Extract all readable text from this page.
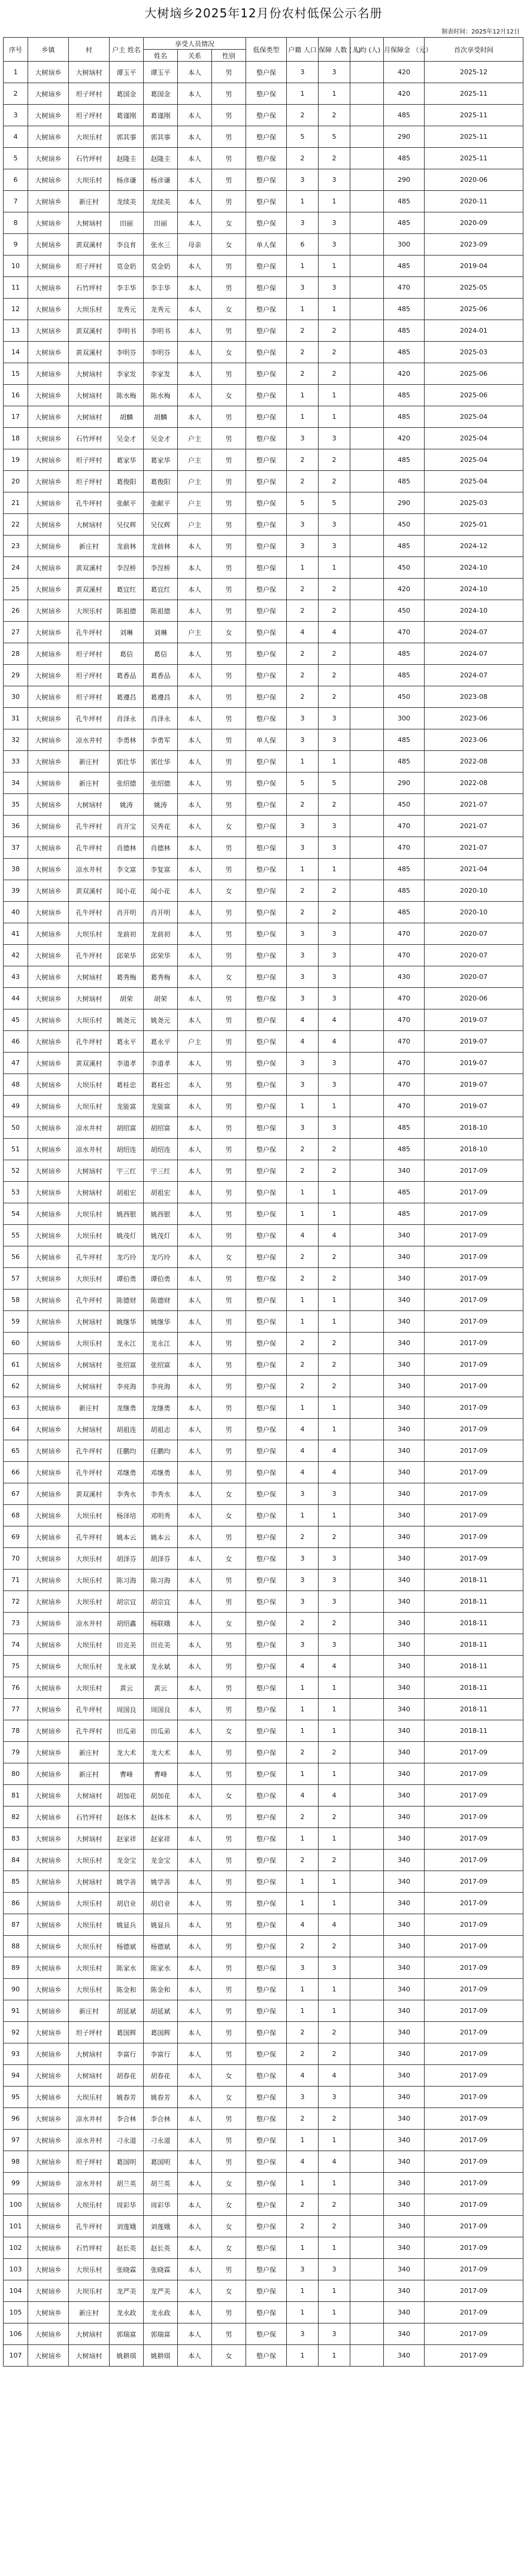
大树垴乡2025年12月份农村低保公示名册
制表时间：2025年12月12日
序号	乡镇	村	户主 姓名	享受人员情况			低保类型	户籍 人口	保障 人数 (人)	人均 (人)	月保障金 （元）	首次享受时间
				姓名	关系	性别						
1	大树垴乡	大树垴村	谭玉平	谭玉平	本人	男	整户保	3	3		420	2025-12
2	大树垴乡	坦子坪村	葛国金	葛国金	本人	男	整户保	1	1		420	2025-11
3	大树垴乡	坦子坪村	葛谨刚	葛谨刚	本人	男	整户保	2	2		485	2025-11
4	大树垴乡	大坝乐村	郭其事	郭其事	本人	男	整户保	5	5		290	2025-11
5	大树垴乡	石竹坪村	赵隆圭	赵隆圭	本人	男	整户保	2	2		485	2025-11
6	大树垴乡	大坝乐村	杨彦谦	杨彦谦	本人	男	整户保	3	3		290	2020-06
7	大树垴乡	新庄村	龙续美	龙续美	本人	男	整户保	1	1		485	2020-11
8	大树垴乡	大树垴村	田丽	田丽	本人	女	整户保	3	3		485	2020-09
9	大树垴乡	黄双溪村	李良育	张水三	母亲	女	单人保	6	3		300	2023-09
10	大树垴乡	坦子坪村	莫金奶	莫金奶	本人	男	整户保	1	1		485	2019-04
11	大树垴乡	石竹坪村	李丰华	李丰华	本人	男	整户保	3	3		470	2025-05
12	大树垴乡	大坝乐村	龙秀元	龙秀元	本人	女	整户保	1	1		485	2025-06
13	大树垴乡	黄双溪村	李明书	李明书	本人	男	整户保	2	2		485	2024-01
14	大树垴乡	黄双溪村	李明芬	李明芬	本人	女	整户保	2	2		485	2025-03
15	大树垴乡	大树垴村	李家发	李家发	本人	男	整户保	2	2		420	2025-06
16	大树垴乡	大树垴村	陈水梅	陈水梅	本人	女	整户保	1	1		485	2025-06
17	大树垴乡	大树垴村	胡麟	胡麟	本人	男	整户保	1	1		485	2025-04
18	大树垴乡	石竹坪村	吴金才	吴金才	户主	男	整户保	3	3		420	2025-04
19	大树垴乡	坦子坪村	葛家华	葛家华	户主	男	整户保	2	2		485	2025-04
20	大树垴乡	坦子坪村	葛俊阳	葛俊阳	户主	男	整户保	2	2		485	2025-04
21	大树垴乡	孔牛坪村	张献平	张献平	户主	男	整户保	5	5		290	2025-03
22	大树垴乡	大树垴村	吴仪辉	吴仪辉	户主	男	整户保	3	3		450	2025-01
23	大树垴乡	新庄村	龙前林	龙前林	本人	男	整户保	3	3		485	2024-12
24	大树垴乡	黄双溪村	李涅桥	李涅桥	本人	男	整户保	1	1		450	2024-10
25	大树垴乡	黄双溪村	葛宜红	葛宜红	本人	男	整户保	2	2		420	2024-10
26	大树垴乡	大坝乐村	陈祖德	陈祖德	本人	男	整户保	2	2		450	2024-10
27	大树垴乡	孔牛坪村	刘琳	刘琳	户主	女	整户保	4	4		470	2024-07
28	大树垴乡	坦子坪村	葛信	葛信	本人	男	整户保	2	2		485	2024-07
29	大树垴乡	坦子坪村	葛香品	葛香品	本人	男	整户保	2	2		485	2024-07
30	大树垴乡	坦子坪村	葛遵昌	葛遵昌	本人	男	整户保	2	2		450	2023-08
31	大树垴乡	孔牛坪村	肖泽永	肖泽永	本人	男	整户保	3	3		300	2023-06
32	大树垴乡	凉水井村	李勇林	李勇军	本人	男	单人保	3	3		485	2023-06
33	大树垴乡	新庄村	郭仕华	郭仕华	本人	男	整户保	1	1		485	2022-08
34	大树垴乡	新庄村	张绍德	张绍德	本人	男	整户保	5	5		290	2022-08
35	大树垴乡	大树垴村	姚涛	姚涛	本人	男	整户保	2	2		450	2021-07
36	大树垴乡	孔牛坪村	肖开宝	吴秀花	本人	女	整户保	3	3		470	2021-07
37	大树垴乡	孔牛坪村	肖德林	肖德林	本人	男	整户保	3	3		470	2021-07
38	大树垴乡	凉水井村	李文富	李复富	本人	男	整户保	1	1		485	2021-04
39	大树垴乡	黄双溪村	闻小花	闻小花	本人	女	整户保	2	2		485	2020-10
40	大树垴乡	孔牛坪村	肖开明	肖开明	本人	男	整户保	2	2		485	2020-10
41	大树垴乡	大坝乐村	龙前初	龙前初	本人	男	整户保	3	3		470	2020-07
42	大树垴乡	孔牛坪村	邱荣华	邱荣华	本人	男	整户保	3	3		470	2020-07
43	大树垴乡	大树垴村	葛秀梅	葛秀梅	本人	女	整户保	3	3		430	2020-07
44	大树垴乡	大树垴村	胡荣	胡荣	本人	男	整户保	3	3		470	2020-06
45	大树垴乡	大坝乐村	姚尧元	姚尧元	本人	男	整户保	4	4		470	2019-07
46	大树垴乡	孔牛坪村	葛永平	葛永平	户主	男	整户保	4	4		470	2019-07
47	大树垴乡	黄双溪村	李道孝	李道孝	本人	男	整户保	3	3		470	2019-07
48	大树垴乡	大坝乐村	葛桂忠	葛桂忠	本人	男	整户保	3	3		470	2019-07
49	大树垴乡	大坝乐村	龙能富	龙能富	本人	男	整户保	1	1		470	2019-07
50	大树垴乡	凉水井村	胡绍富	胡绍富	本人	男	整户保	3	3		485	2018-10
51	大树垴乡	凉水井村	胡绍连	胡绍连	本人	男	整户保	2	2		485	2018-10
52	大树垴乡	大树垴村	宇三红	宇三红	本人	男	整户保	2	2		340	2017-09
53	大树垴乡	大树垴村	胡祖宏	胡祖宏	本人	男	整户保	1	1		485	2017-09
54	大树垴乡	大坝乐村	姚西银	姚西银	本人	男	整户保	1	1		485	2017-09
55	大树垴乡	大坝乐村	姚茂灯	姚茂灯	本人	男	整户保	4	4		340	2017-09
56	大树垴乡	孔牛坪村	龙巧玲	龙巧玲	本人	女	整户保	2	2		340	2017-09
57	大树垴乡	大坝乐村	谭伯勇	谭伯勇	本人	男	整户保	2	2		340	2017-09
58	大树垴乡	孔牛坪村	陈德财	陈德财	本人	男	整户保	1	1		340	2017-09
59	大树垴乡	大树垴村	姚继华	姚继华	本人	男	整户保	1	1		340	2017-09
60	大树垴乡	大坝乐村	龙永江	龙永江	本人	男	整户保	2	2		340	2017-09
61	大树垴乡	大树垴村	张绍富	张绍富	本人	男	整户保	2	2		340	2017-09
62	大树垴乡	大树垴村	李亮海	李亮海	本人	男	整户保	2	2		340	2017-09
63	大树垴乡	新庄村	龙继勇	龙继勇	本人	男	整户保	1	1		340	2017-09
64	大树垴乡	大树垴村	胡祖连	胡祖志	本人	男	整户保	4	1		340	2017-09
65	大树垴乡	孔牛坪村	任鹏均	任鹏均	本人	男	整户保	4	4		340	2017-09
66	大树垴乡	孔牛坪村	邓继勇	邓继勇	本人	男	整户保	4	4		340	2017-09
67	大树垴乡	黄双溪村	李秀水	李秀水	本人	女	整户保	3	3		340	2017-09
68	大树垴乡	大坝乐村	杨泽培	邓明秀	本人	女	整户保	1	1		340	2017-09
69	大树垴乡	孔牛坪村	姚本云	姚本云	本人	男	整户保	2	2		340	2017-09
70	大树垴乡	大坝乐村	胡泽芬	胡泽芬	本人	女	整户保	3	3		340	2017-09
71	大树垴乡	大坝乐村	陈习海	陈习海	本人	男	整户保	3	3		340	2018-11
72	大树垴乡	大坝乐村	胡宗宜	胡宗宜	本人	男	整户保	3	3		340	2018-11
73	大树垴乡	凉水井村	胡绍鑫	杨联娥	本人	女	整户保	2	2		340	2018-11
74	大树垴乡	大坝乐村	田克美	田克美	本人	男	整户保	3	3		340	2018-11
75	大树垴乡	大坝乐村	龙永斌	龙永斌	本人	男	整户保	4	4		340	2018-11
76	大树垴乡	大坝乐村	黄云	黄云	本人	男	整户保	1	1		340	2018-11
77	大树垴乡	孔牛坪村	周国良	周国良	本人	男	整户保	1	1		340	2018-11
78	大树垴乡	孔牛坪村	田瓜弟	田瓜弟	本人	女	整户保	1	1		340	2018-11
79	大树垴乡	新庄村	龙大术	龙大术	本人	男	整户保	2	2		340	2017-09
80	大树垴乡	新庄村	曹峰	曹峰	本人	男	整户保	1	1		340	2017-09
81	大树垴乡	大树垴村	胡加花	胡加花	本人	女	整户保	4	4		340	2017-09
82	大树垴乡	石竹坪村	赵体木	赵体木	本人	男	整户保	2	2		340	2017-09
83	大树垴乡	大树垴村	赵家祥	赵家祥	本人	男	整户保	1	1		340	2017-09
84	大树垴乡	大坝乐村	龙金宝	龙金宝	本人	男	整户保	2	2		340	2017-09
85	大树垴乡	大树垴村	姚学善	姚学善	本人	男	整户保	1	1		340	2017-09
86	大树垴乡	大坝乐村	胡启业	胡启业	本人	男	整户保	1	1		340	2017-09
87	大树垴乡	大坝乐村	姚显兵	姚显兵	本人	男	整户保	4	4		340	2017-09
88	大树垴乡	大坝乐村	杨德斌	杨德斌	本人	男	整户保	2	2		340	2017-09
89	大树垴乡	大坝乐村	陈家水	陈家水	本人	男	整户保	3	3		340	2017-09
90	大树垴乡	大坝乐村	陈金和	陈金和	本人	男	整户保	1	1		340	2017-09
91	大树垴乡	新庄村	胡延斌	胡延斌	本人	男	整户保	1	1		340	2017-09
92	大树垴乡	坦子坪村	葛国辉	葛国辉	本人	男	整户保	2	2		340	2017-09
93	大树垴乡	大树垴村	李富行	李富行	本人	男	整户保	2	2		340	2017-09
94	大树垴乡	大树垴村	胡春花	胡春花	本人	女	整户保	4	4		340	2017-09
95	大树垴乡	大坝乐村	姚春芳	姚春芳	本人	女	整户保	3	3		340	2017-09
96	大树垴乡	凉水井村	李合林	李合林	本人	男	整户保	2	2		340	2017-09
97	大树垴乡	凉水井村	刁永道	刁永道	本人	男	整户保	1	1		340	2017-09
98	大树垴乡	坦子坪村	葛国明	葛国明	本人	男	整户保	4	4		340	2017-09
99	大树垴乡	凉水井村	胡兰英	胡兰英	本人	女	整户保	1	1		340	2017-09
100	大树垴乡	大坝乐村	周彩华	周彩华	本人	女	整户保	2	2		340	2017-09
101	大树垴乡	孔牛坪村	刘莲娥	刘莲娥	本人	女	整户保	2	2		340	2017-09
102	大树垴乡	石竹坪村	赵长英	赵长英	本人	女	整户保	1	1		340	2017-09
103	大树垴乡	大坝乐村	张晓霖	张晓霖	本人	男	整户保	3	3		340	2017-09
104	大树垴乡	大坝乐村	龙严美	龙严美	本人	女	整户保	1	1		340	2017-09
105	大树垴乡	新庄村	龙永政	龙永政	本人	男	整户保	1	1		340	2017-09
106	大树垴乡	大树垴村	郭瑞富	郭瑞富	本人	男	整户保	3	3		340	2017-09
107	大树垴乡	大树垴村	姚耕琪	姚耕琪	本人	女	整户保	1	1		340	2017-09
